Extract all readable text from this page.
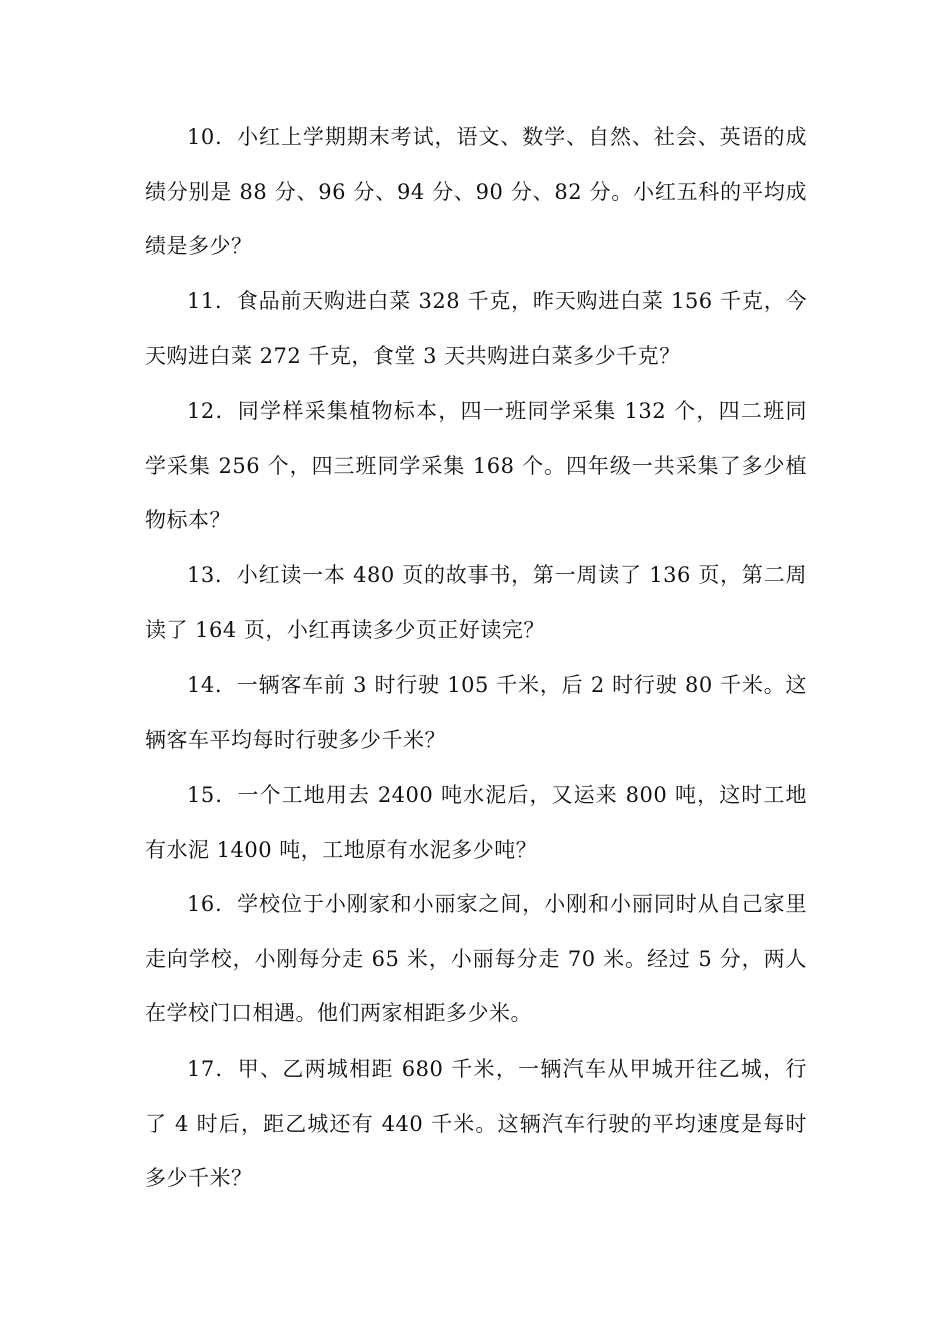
10．小红上学期期末考试，语文、数学、自然、社会、英语的成绩分别是 88 分、96 分、94 分、90 分、82 分。小红五科的平均成绩是多少？

11．食品前天购进白菜 328 千克，昨天购进白菜 156 千克，今天购进白菜 272 千克，食堂 3 天共购进白菜多少千克？

12．同学样采集植物标本，四一班同学采集 132 个，四二班同学采集 256 个，四三班同学采集 168 个。四年级一共采集了多少植物标本？

13．小红读一本 480 页的故事书，第一周读了 136 页，第二周读了 164 页，小红再读多少页正好读完？

14．一辆客车前 3 时行驶 105 千米，后 2 时行驶 80 千米。这辆客车平均每时行驶多少千米？

15．一个工地用去 2400 吨水泥后，又运来 800 吨，这时工地有水泥 1400 吨，工地原有水泥多少吨？

16．学校位于小刚家和小丽家之间，小刚和小丽同时从自己家里走向学校，小刚每分走 65 米，小丽每分走 70 米。经过 5 分，两人在学校门口相遇。他们两家相距多少米。

17．甲、乙两城相距 680 千米，一辆汽车从甲城开往乙城，行了 4 时后，距乙城还有 440 千米。这辆汽车行驶的平均速度是每时多少千米？
